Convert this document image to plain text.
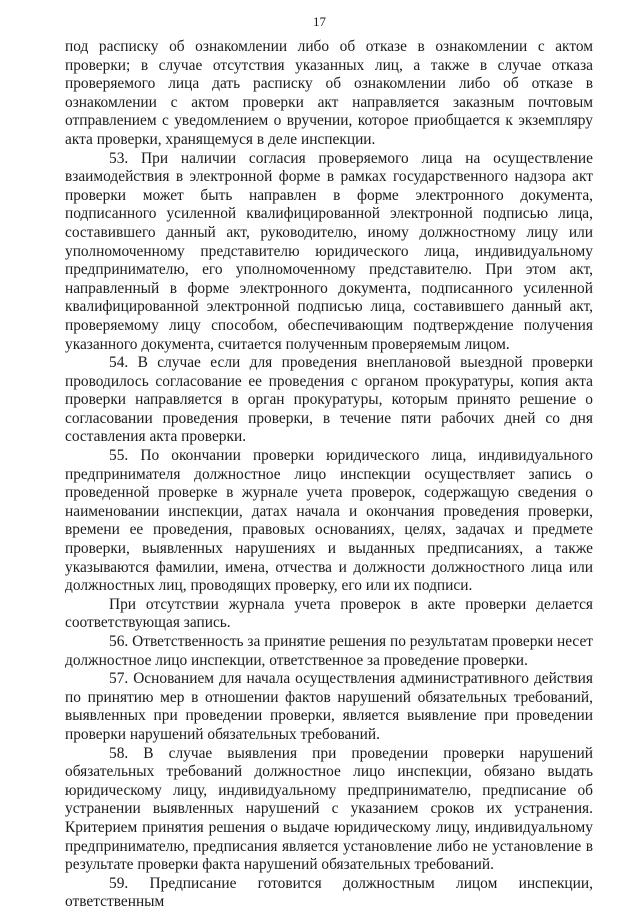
17

под расписку об ознакомлении либо об отказе в ознакомлении с актом проверки; в случае отсутствия указанных лиц, а также в случае отказа проверяемого лица дать расписку об ознакомлении либо об отказе в ознакомлении с актом проверки акт направляется заказным почтовым отправлением с уведомлением о вручении, которое приобщается к экземпляру акта проверки, хранящемуся в деле инспекции.

53. При наличии согласия проверяемого лица на осуществление взаимодействия в электронной форме в рамках государственного надзора акт проверки может быть направлен в форме электронного документа, подписанного усиленной квалифицированной электронной подписью лица, составившего данный акт, руководителю, иному должностному лицу или уполномоченному представителю юридического лица, индивидуальному предпринимателю, его уполномоченному представителю. При этом акт, направленный в форме электронного документа, подписанного усиленной квалифицированной электронной подписью лица, составившего данный акт, проверяемому лицу способом, обеспечивающим подтверждение получения указанного документа, считается полученным проверяемым лицом.

54. В случае если для проведения внеплановой выездной проверки проводилось согласование ее проведения с органом прокуратуры, копия акта проверки направляется в орган прокуратуры, которым принято решение о согласовании проведения проверки, в течение пяти рабочих дней со дня составления акта проверки.

55. По окончании проверки юридического лица, индивидуального предпринимателя должностное лицо инспекции осуществляет запись о проведенной проверке в журнале учета проверок, содержащую сведения о наименовании инспекции, датах начала и окончания проведения проверки, времени ее проведения, правовых основаниях, целях, задачах и предмете проверки, выявленных нарушениях и выданных предписаниях, а также указываются фамилии, имена, отчества и должности должностного лица или должностных лиц, проводящих проверку, его или их подписи.

При отсутствии журнала учета проверок в акте проверки делается соответствующая запись.

56. Ответственность за принятие решения по результатам проверки несет должностное лицо инспекции, ответственное за проведение проверки.

57. Основанием для начала осуществления административного действия по принятию мер в отношении фактов нарушений обязательных требований, выявленных при проведении проверки, является выявление при проведении проверки нарушений обязательных требований.

58. В случае выявления при проведении проверки нарушений обязательных требований должностное лицо инспекции, обязано выдать юридическому лицу, индивидуальному предпринимателю, предписание об устранении выявленных нарушений с указанием сроков их устранения. Критерием принятия решения о выдаче юридическому лицу, индивидуальному предпринимателю, предписания является установление либо не установление в результате проверки факта нарушений обязательных требований.

59. Предписание готовится должностным лицом инспекции, ответственным
